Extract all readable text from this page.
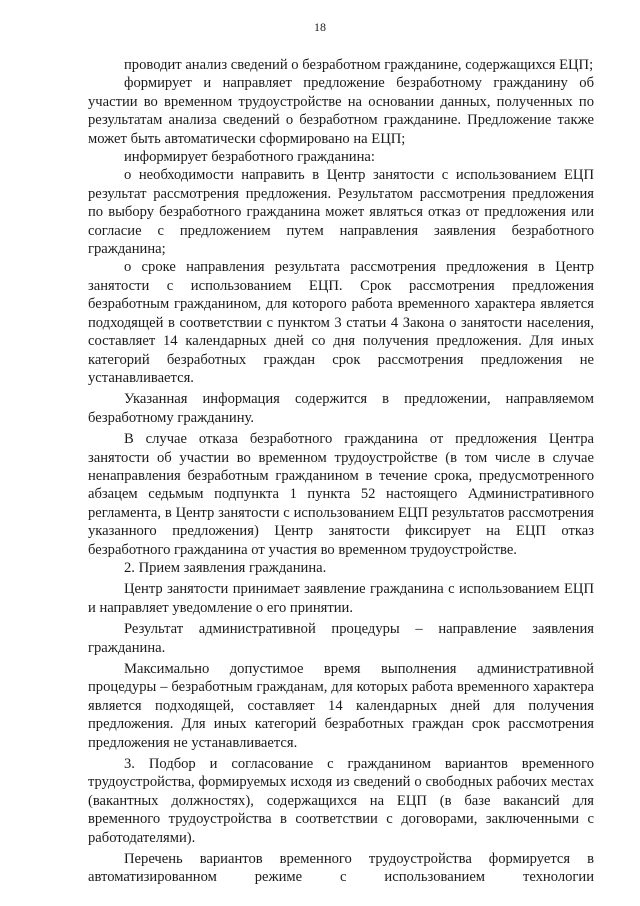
18

проводит анализ сведений о безработном гражданине, содержащихся ЕЦП;

формирует и направляет предложение безработному гражданину об участии во временном трудоустройстве на основании данных, полученных по результатам анализа сведений о безработном гражданине. Предложение также может быть автоматически сформировано на ЕЦП;

информирует безработного гражданина:

о необходимости направить в Центр занятости с использованием ЕЦП результат рассмотрения предложения. Результатом рассмотрения предложения по выбору безработного гражданина может являться отказ от предложения или согласие с предложением путем направления заявления безработного гражданина;

о сроке направления результата рассмотрения предложения в Центр занятости с использованием ЕЦП. Срок рассмотрения предложения безработным гражданином, для которого работа временного характера является подходящей в соответствии с пунктом 3 статьи 4 Закона о занятости населения, составляет 14 календарных дней со дня получения предложения. Для иных категорий безработных граждан срок рассмотрения предложения не устанавливается.

Указанная информация содержится в предложении, направляемом безработному гражданину.

В случае отказа безработного гражданина от предложения Центра занятости об участии во временном трудоустройстве (в том числе в случае ненаправления безработным гражданином в течение срока, предусмотренного абзацем седьмым подпункта 1 пункта 52 настоящего Административного регламента, в Центр занятости с использованием ЕЦП результатов рассмотрения указанного предложения) Центр занятости фиксирует на ЕЦП отказ безработного гражданина от участия во временном трудоустройстве.

2. Прием заявления гражданина.

Центр занятости принимает заявление гражданина с использованием ЕЦП и направляет уведомление о его принятии.

Результат административной процедуры – направление заявления гражданина.

Максимально допустимое время выполнения административной процедуры – безработным гражданам, для которых работа временного характера является подходящей, составляет 14 календарных дней для получения предложения. Для иных категорий безработных граждан срок рассмотрения предложения не устанавливается.

3. Подбор и согласование с гражданином вариантов временного трудоустройства, формируемых исходя из сведений о свободных рабочих местах (вакантных должностях), содержащихся на ЕЦП (в базе вакансий для временного трудоустройства в соответствии с договорами, заключенными с работодателями).

Перечень вариантов временного трудоустройства формируется в автоматизированном режиме с использованием технологии
